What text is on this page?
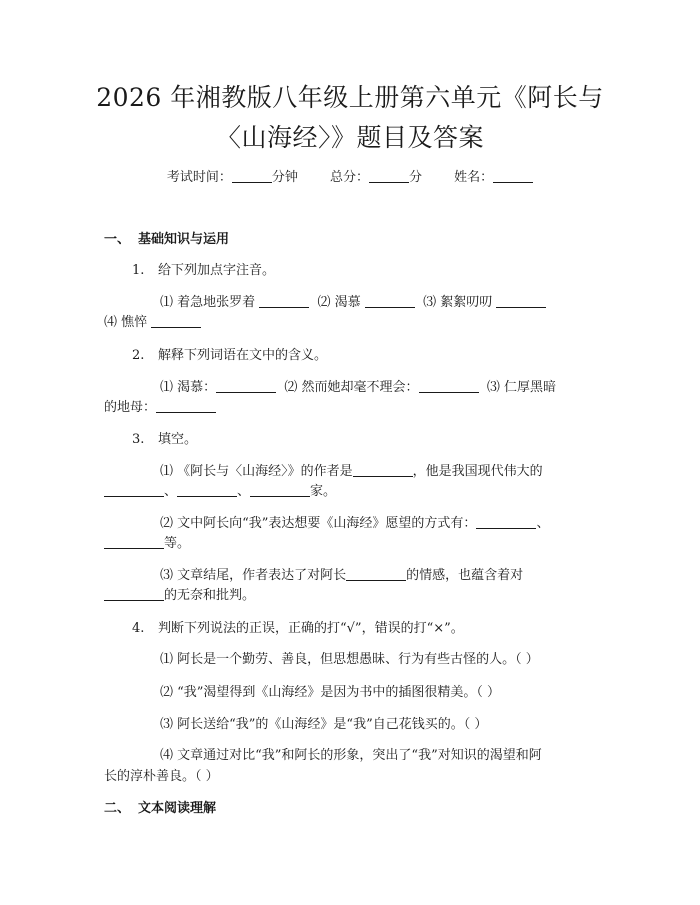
2026 年湘教版八年级上册第六单元《阿长与
〈山海经〉》题目及答案
考试时间：	分钟 总分：	分 姓名：
一、 基础知识与运用
1. 给下列加点字注音。
⑴ 着急地张罗着	⑵ 渴慕	⑶ 絮絮叨叨
⑷ 憔悴
2. 解释下列词语在文中的含义。
⑴ 渴慕：	⑵ 然而她却毫不理会：	⑶ 仁厚黑暗
的地母：
3. 填空。
⑴ 《阿长与〈山海经〉》的作者是	，他是我国现代伟大的
、	、	家。
⑵ 文中阿长向“我”表达想要《山海经》愿望的方式有：	、
等。
⑶ 文章结尾，作者表达了对阿长	的情感，也蕴含着对
的无奈和批判。
4. 判断下列说法的正误，正确的打“√”，错误的打“×”。
⑴ 阿长是一个勤劳、善良，但思想愚昧、行为有些古怪的人。（ ）
⑵ “我”渴望得到《山海经》是因为书中的插图很精美。（ ）
⑶ 阿长送给“我”的《山海经》是“我”自己花钱买的。（ ）
⑷ 文章通过对比“我”和阿长的形象，突出了“我”对知识的渴望和阿
长的淳朴善良。（ ）
二、 文本阅读理解
